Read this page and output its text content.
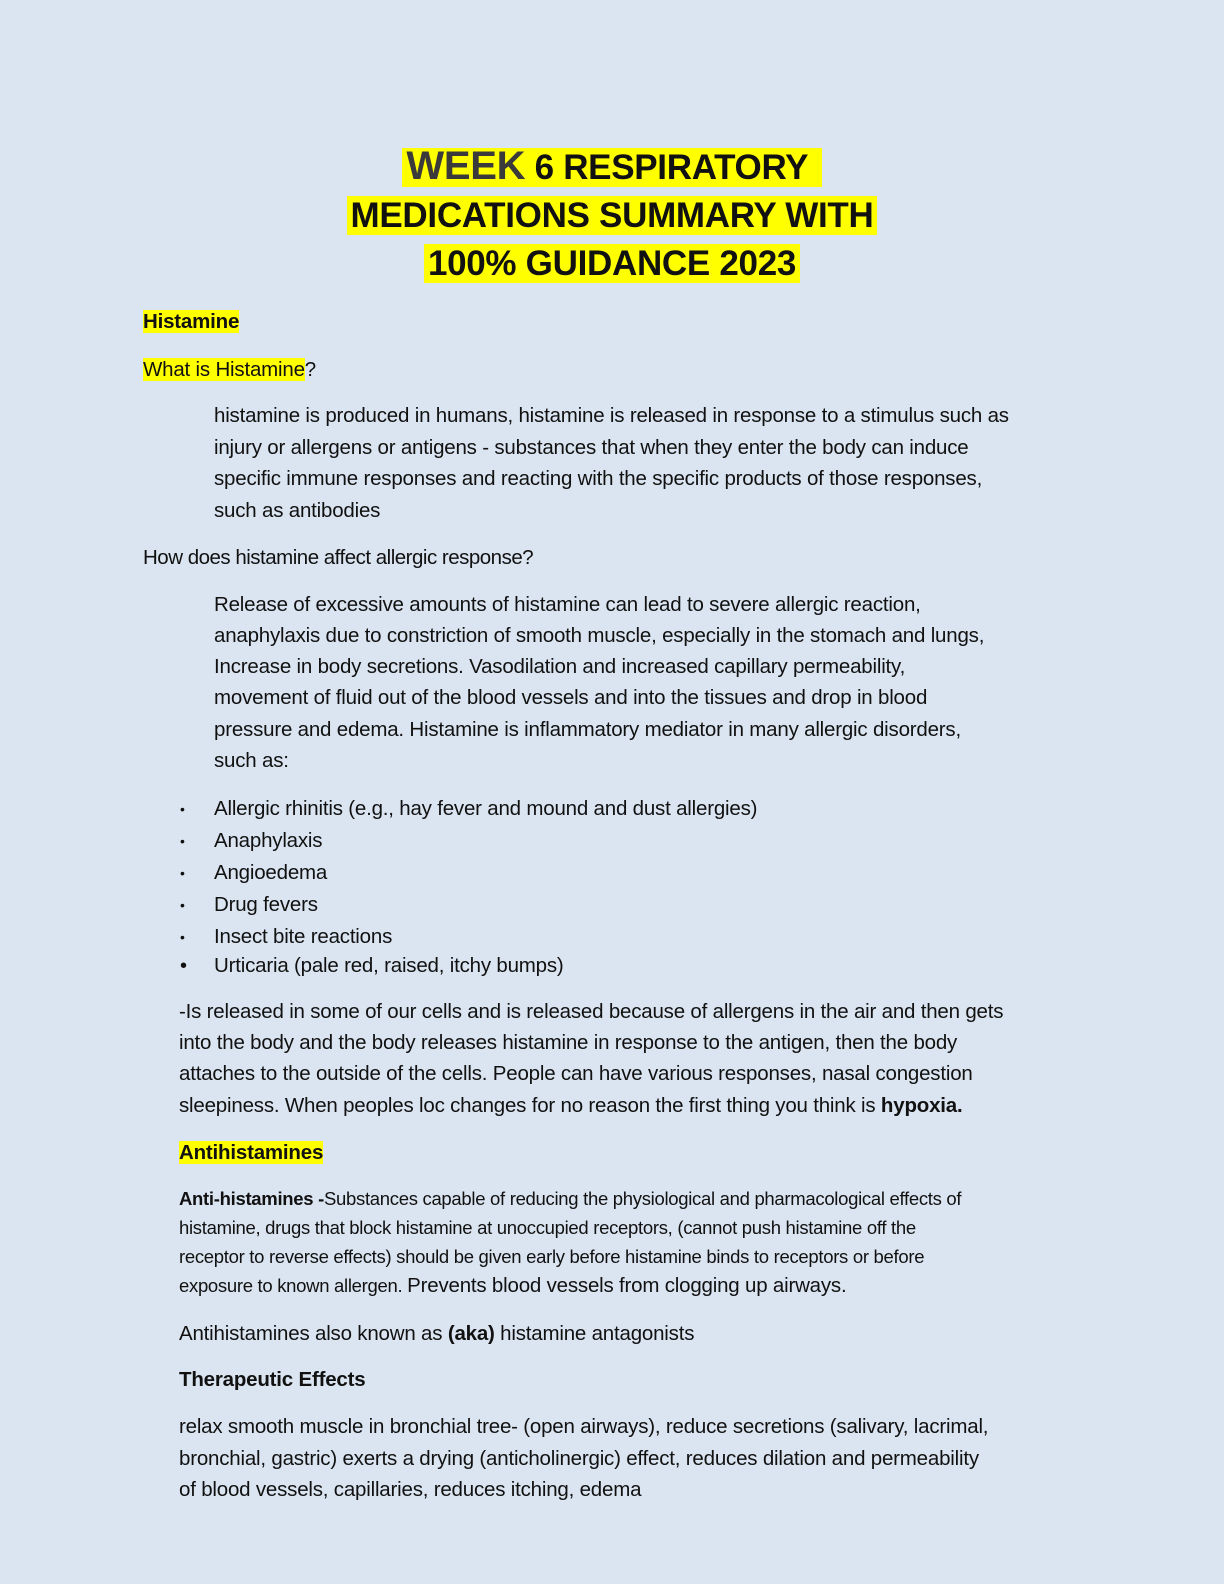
WEEK 6 RESPIRATORY
MEDICATIONS SUMMARY WITH
100% GUIDANCE 2023
Histamine
What is Histamine?
histamine is produced in humans, histamine is released in response to a stimulus such as
injury or allergens or antigens - substances that when they enter the body can induce
specific immune responses and reacting with the specific products of those responses,
such as antibodies
How does histamine affect allergic response?
Release of excessive amounts of histamine can lead to severe allergic reaction,
anaphylaxis due to constriction of smooth muscle, especially in the stomach and lungs,
Increase in body secretions. Vasodilation and increased capillary permeability,
movement of fluid out of the blood vessels and into the tissues and drop in blood
pressure and edema. Histamine is inflammatory mediator in many allergic disorders,
such as:
• Allergic rhinitis (e.g., hay fever and mound and dust allergies)
• Anaphylaxis
• Angioedema
• Drug fevers
• Insect bite reactions
• Urticaria (pale red, raised, itchy bumps)
-Is released in some of our cells and is released because of allergens in the air and then gets
into the body and the body releases histamine in response to the antigen, then the body
attaches to the outside of the cells. People can have various responses, nasal congestion
sleepiness. When peoples loc changes for no reason the first thing you think is hypoxia.
Antihistamines
Anti-histamines -Substances capable of reducing the physiological and pharmacological effects of
histamine, drugs that block histamine at unoccupied receptors, (cannot push histamine off the
receptor to reverse effects) should be given early before histamine binds to receptors or before
exposure to known allergen. Prevents blood vessels from clogging up airways.
Antihistamines also known as (aka) histamine antagonists
Therapeutic Effects
relax smooth muscle in bronchial tree- (open airways), reduce secretions (salivary, lacrimal,
bronchial, gastric) exerts a drying (anticholinergic) effect, reduces dilation and permeability
of blood vessels, capillaries, reduces itching, edema
